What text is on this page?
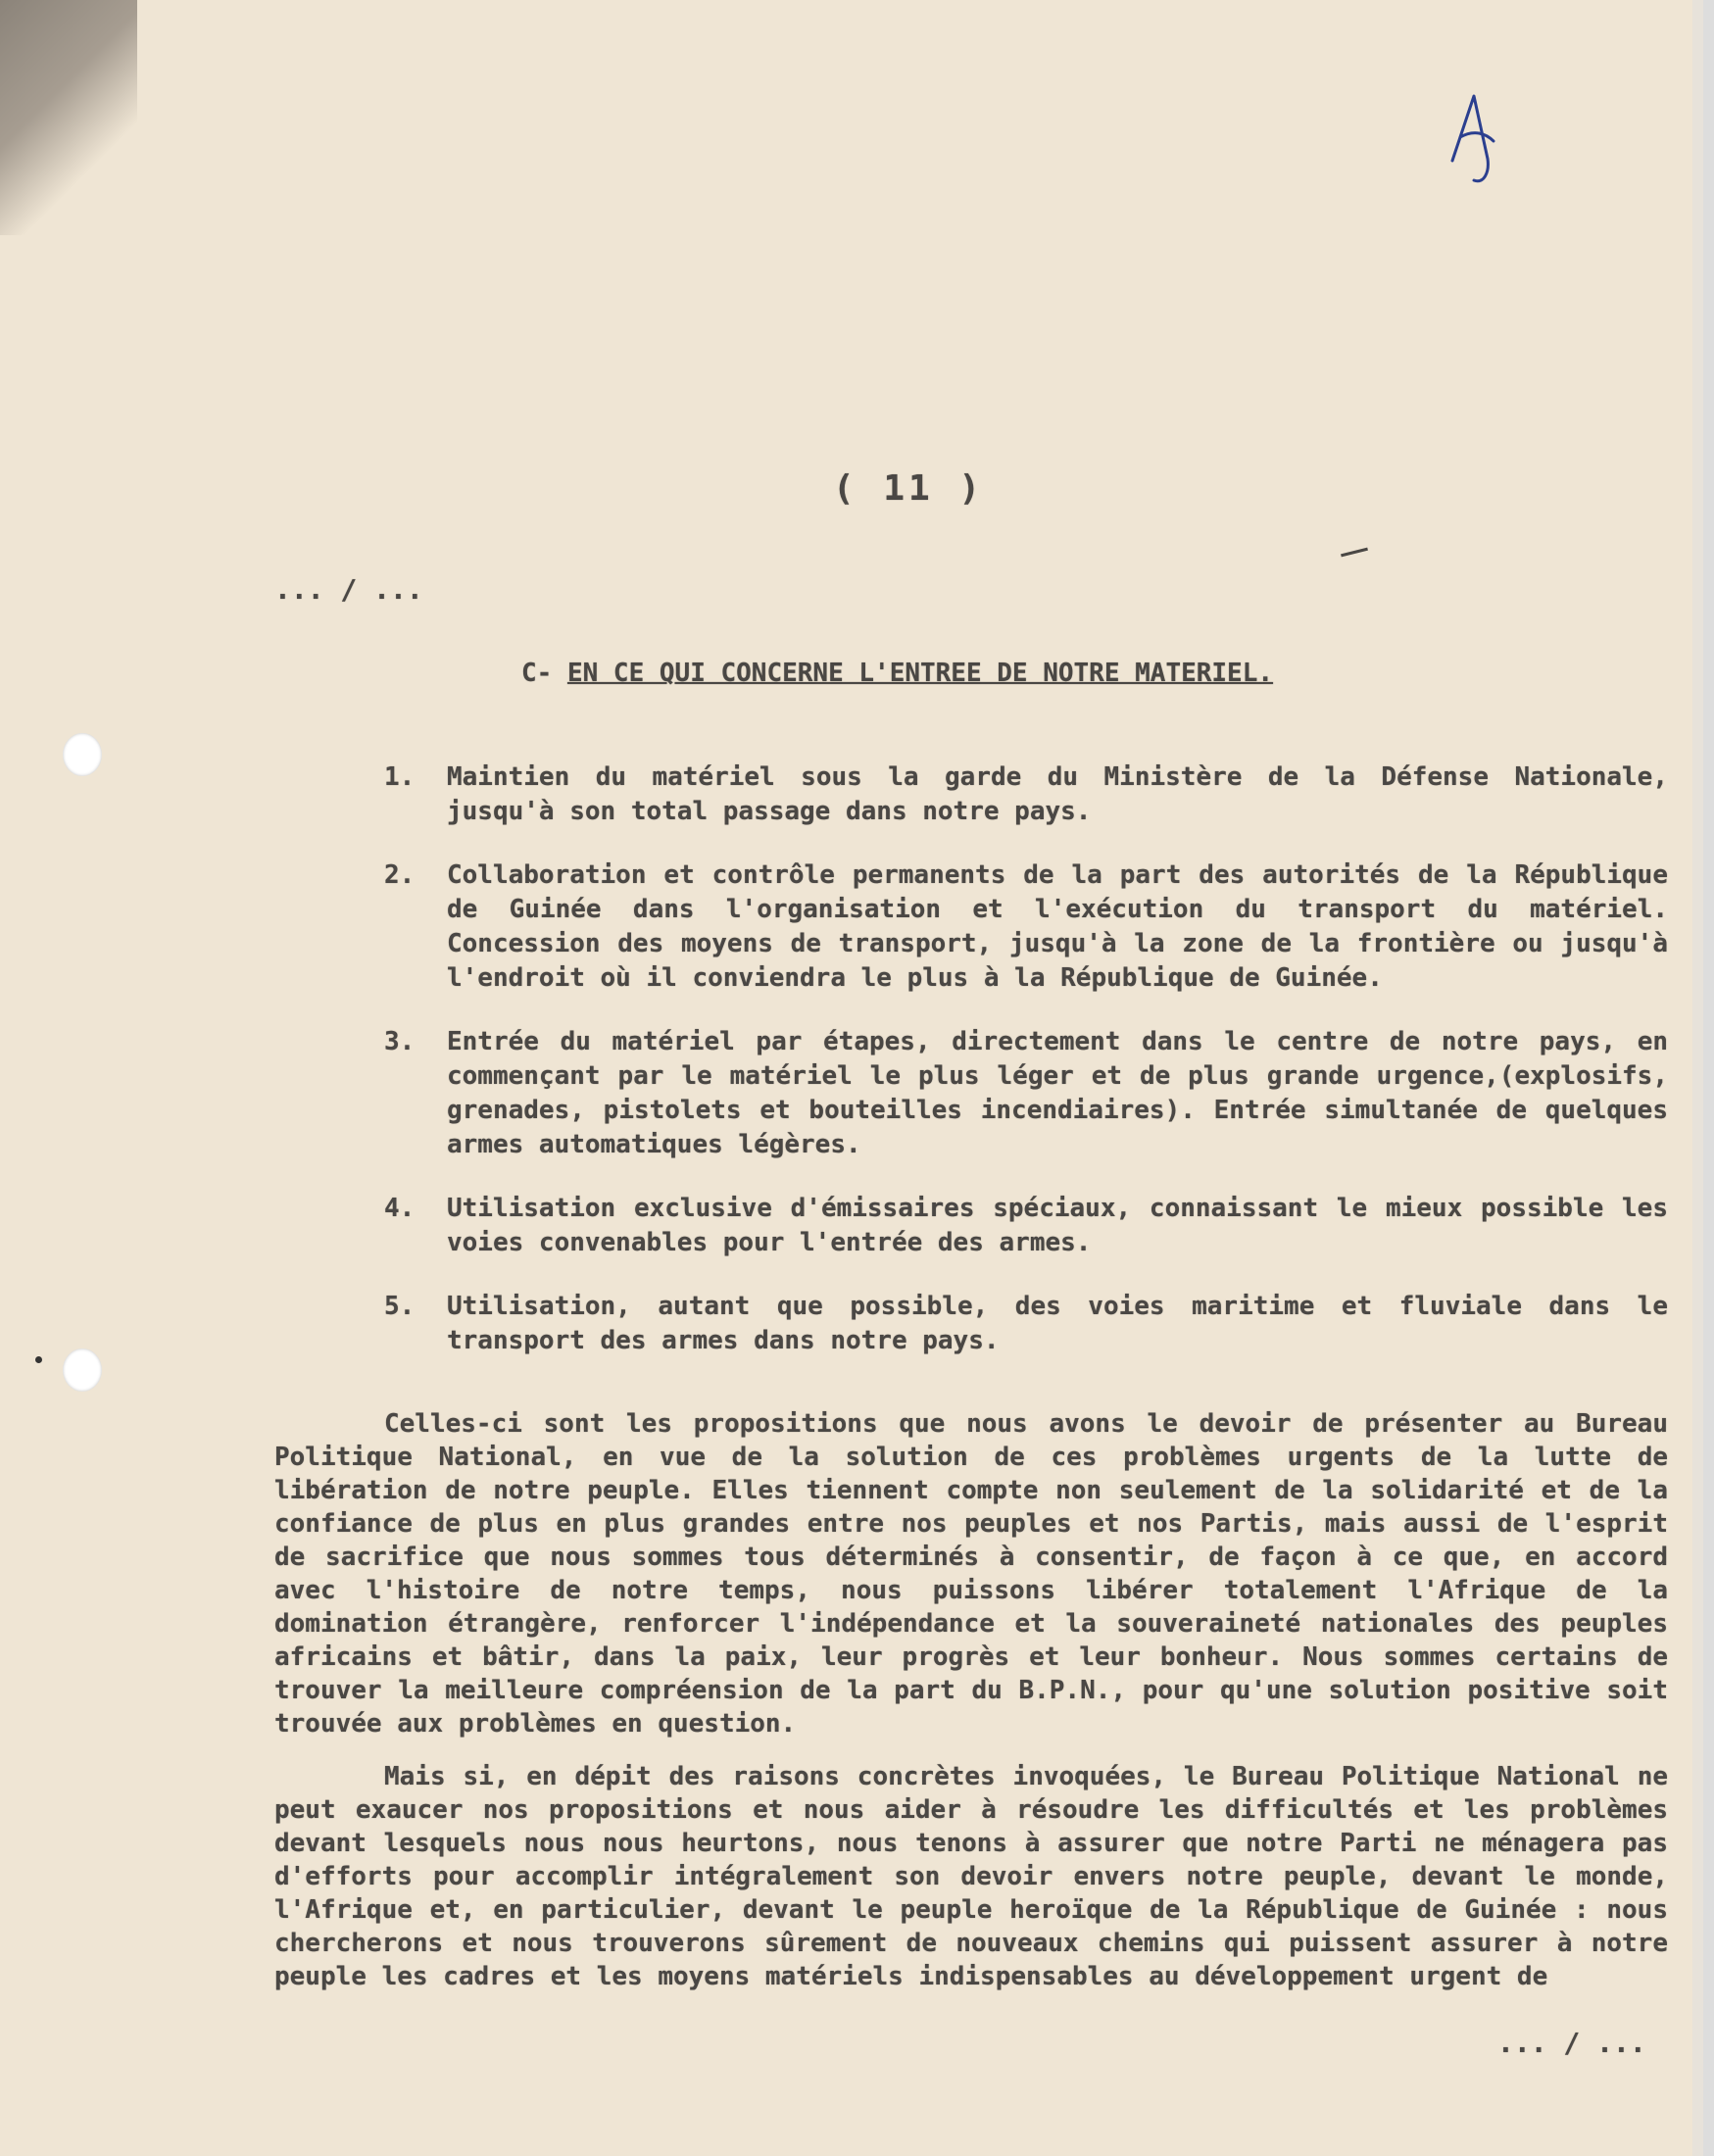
( 11 )
... / ...
C- EN CE QUI CONCERNE L'ENTREE DE NOTRE MATERIEL.
1. Maintien du matériel sous la garde du Ministère de la Défense Nationale, jusqu'à son total passage dans notre pays.
2. Collaboration et contrôle permanents de la part des autorités de la République de Guinée dans l'organisation et l'exécution du transport du matériel. Concession des moyens de transport, jusqu'à la zone de la frontière ou jusqu'à l'endroit où il conviendra le plus à la République de Guinée.
3. Entrée du matériel par étapes, directement dans le centre de notre pays, en commençant par le matériel le plus léger et de plus grande urgence,(explosifs, grenades, pistolets et bouteilles incendiaires). Entrée simultanée de quelques armes automatiques légères.
4. Utilisation exclusive d'émissaires spéciaux, connaissant le mieux possible les voies convenables pour l'entrée des armes.
5. Utilisation, autant que possible, des voies maritime et fluviale dans le transport des armes dans notre pays.

Celles-ci sont les propositions que nous avons le devoir de présenter au Bureau Politique National, en vue de la solution de ces problèmes urgents de la lutte de libération de notre peuple. Elles tiennent compte non seulement de la solidarité et de la confiance de plus en plus grandes entre nos peuples et nos Partis, mais aussi de l'esprit de sacrifice que nous sommes tous déterminés à consentir, de façon à ce que, en accord avec l'histoire de notre temps, nous puissons libérer totalement l'Afrique de la domination étrangère, renforcer l'indépendance et la souveraineté nationales des peuples africains et bâtir, dans la paix, leur progrès et leur bonheur. Nous sommes certains de trouver la meilleure compréension de la part du B.P.N., pour qu'une solution positive soit trouvée aux problèmes en question.

Mais si, en dépit des raisons concrètes invoquées, le Bureau Politique National ne peut exaucer nos propositions et nous aider à résoudre les difficultés et les problèmes devant lesquels nous nous heurtons, nous tenons à assurer que notre Parti ne ménagera pas d'efforts pour accomplir intégralement son devoir envers notre peuple, devant le monde, l'Afrique et, en particulier, devant le peuple heroïque de la République de Guinée : nous chercherons et nous trouverons sûrement de nouveaux chemins qui puissent assurer à notre peuple les cadres et les moyens matériels indispensables au développement urgent de

... / ...
